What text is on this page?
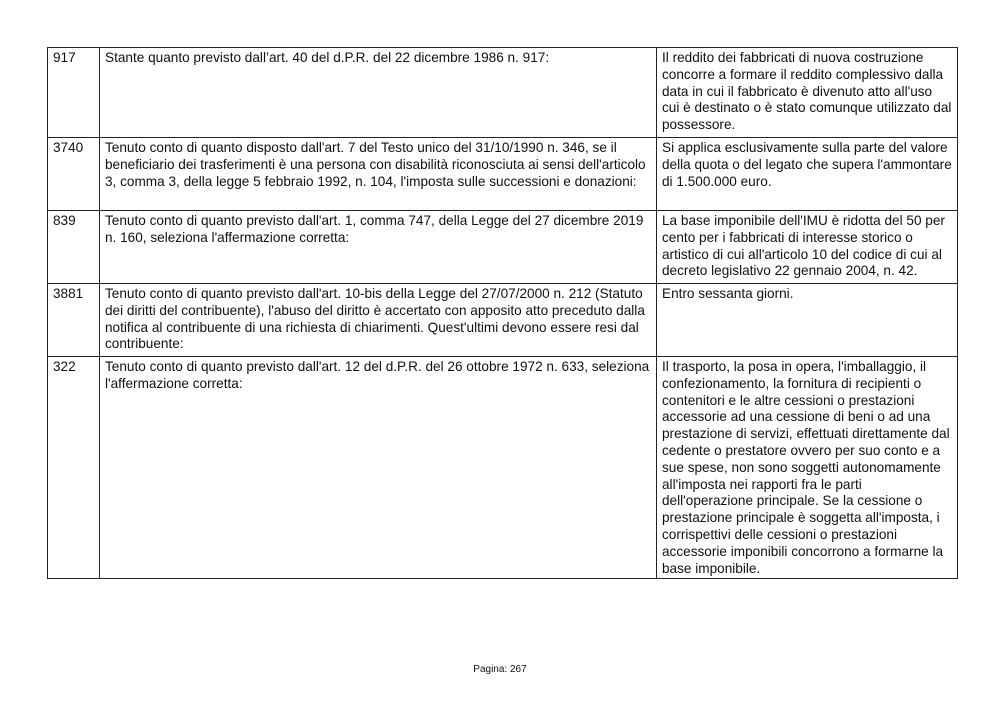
917	Stante quanto previsto dall’art. 40 del d.P.R. del 22 dicembre 1986 n. 917:	Il reddito dei fabbricati di nuova costruzione concorre a formare il reddito complessivo dalla data in cui il fabbricato è divenuto atto all'uso cui è destinato o è stato comunque utilizzato dal possessore.
3740	Tenuto conto di quanto disposto dall'art. 7 del Testo unico del 31/10/1990 n. 346, se il beneficiario dei trasferimenti è una persona con disabilità riconosciuta ai sensi dell'articolo 3, comma 3, della legge 5 febbraio 1992, n. 104, l'imposta sulle successioni e donazioni:	Si applica esclusivamente sulla parte del valore della quota o del legato che supera l'ammontare di 1.500.000 euro.
839	Tenuto conto di quanto previsto dall'art. 1, comma 747, della Legge del 27 dicembre 2019 n. 160, seleziona l'affermazione corretta:	La base imponibile dell'IMU è ridotta del 50 per cento per i fabbricati di interesse storico o artistico di cui all'articolo 10 del codice di cui al decreto legislativo 22 gennaio 2004, n. 42.
3881	Tenuto conto di quanto previsto dall'art. 10-bis della Legge del 27/07/2000 n. 212 (Statuto dei diritti del contribuente), l'abuso del diritto è accertato con apposito atto preceduto dalla notifica al contribuente di una richiesta di chiarimenti. Quest'ultimi devono essere resi dal contribuente:	Entro sessanta giorni.
322	Tenuto conto di quanto previsto dall'art. 12 del d.P.R. del 26 ottobre 1972 n. 633, seleziona l'affermazione corretta:	Il trasporto, la posa in opera, l'imballaggio, il confezionamento, la fornitura di recipienti o contenitori e le altre cessioni o prestazioni accessorie ad una cessione di beni o ad una prestazione di servizi, effettuati direttamente dal cedente o prestatore ovvero per suo conto e a sue spese, non sono soggetti autonomamente all'imposta nei rapporti fra le parti dell'operazione principale. Se la cessione o prestazione principale è soggetta all'imposta, i corrispettivi delle cessioni o prestazioni accessorie imponibili concorrono a formarne la base imponibile.
Pagina: 267
